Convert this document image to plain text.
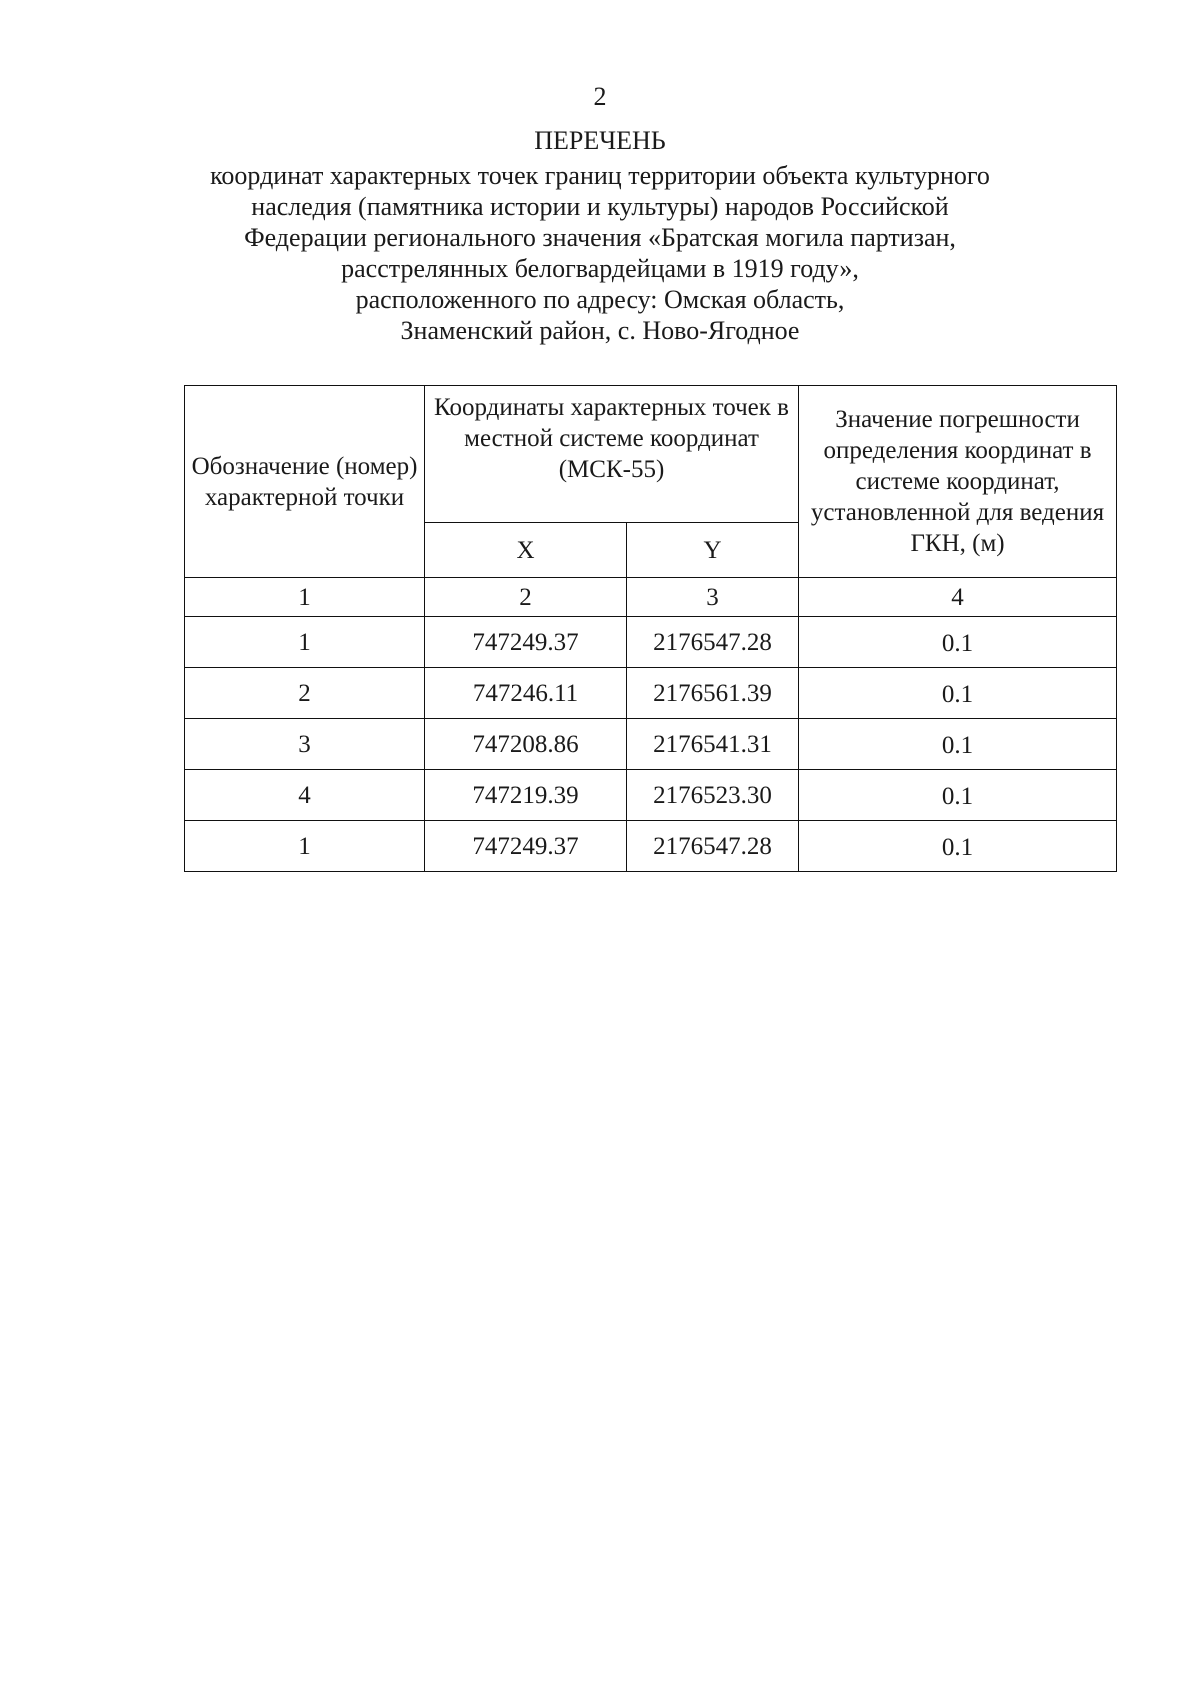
2
ПЕРЕЧЕНЬ
координат характерных точек границ территории объекта культурного
наследия (памятника истории и культуры) народов Российской
Федерации регионального значения «Братская могила партизан,
расстрелянных белогвардейцами в 1919 году»,
расположенного по адресу: Омская область,
Знаменский район, с. Ново-Ягодное
Обозначение (номер) характерной точки	Координаты характерных точек в местной системе координат (МСК-55)		Значение погрешности определения координат в системе координат, установленной для ведения ГКН, (м)

	X	Y	
1	2	3	4
1	747249.37	2176547.28	0.1
2	747246.11	2176561.39	0.1
3	747208.86	2176541.31	0.1
4	747219.39	2176523.30	0.1
1	747249.37	2176547.28	0.1
